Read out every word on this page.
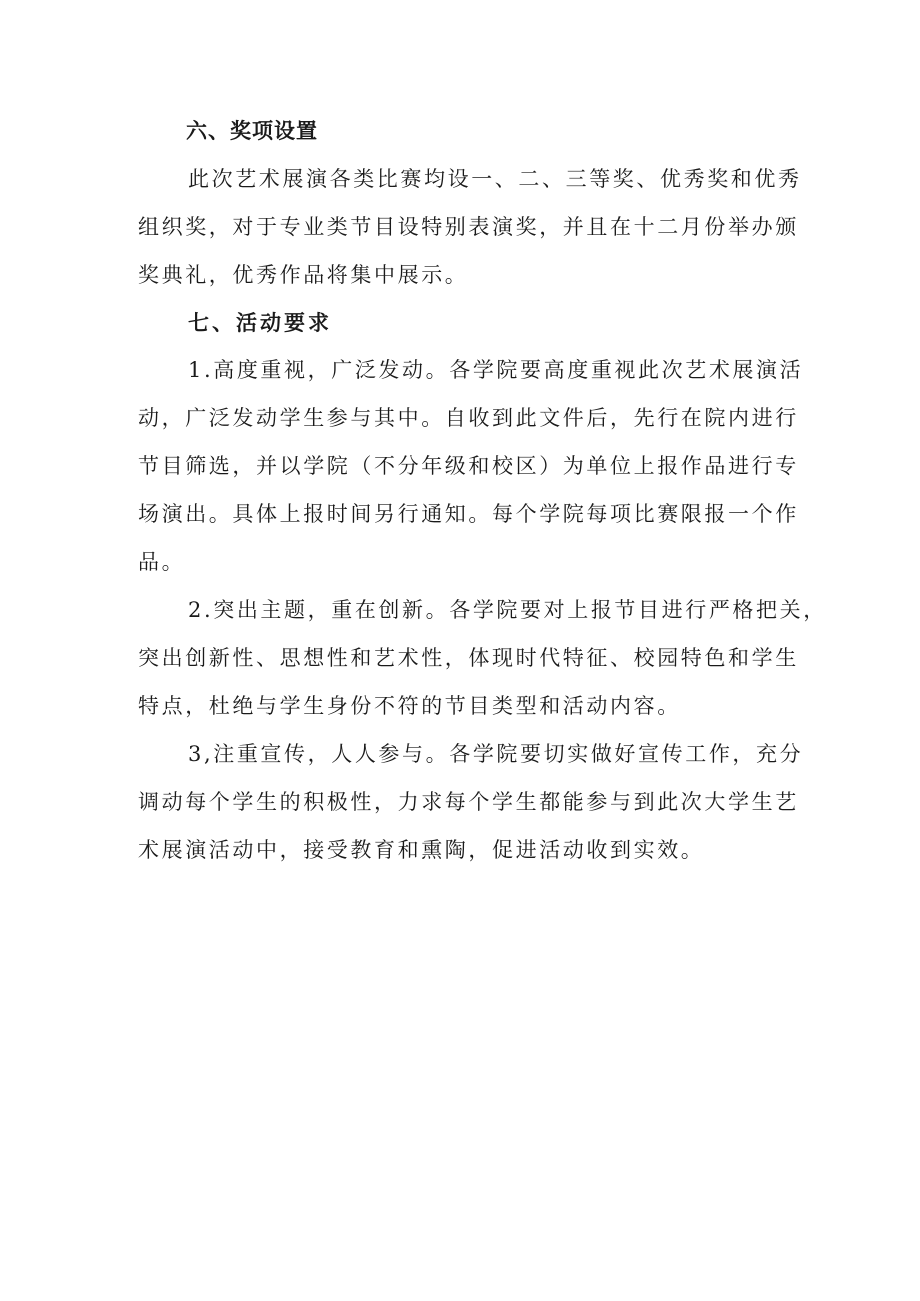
六、奖项设置

此次艺术展演各类比赛均设一、二、三等奖、优秀奖和优秀
组织奖，对于专业类节目设特别表演奖，并且在十二月份举办颁
奖典礼，优秀作品将集中展示。

七、活动要求

1.高度重视，广泛发动。各学院要高度重视此次艺术展演活
动，广泛发动学生参与其中。自收到此文件后，先行在院内进行
节目筛选，并以学院（不分年级和校区）为单位上报作品进行专
场演出。具体上报时间另行通知。每个学院每项比赛限报一个作
品。

2.突出主题，重在创新。各学院要对上报节目进行严格把关，
突出创新性、思想性和艺术性，体现时代特征、校园特色和学生
特点，杜绝与学生身份不符的节目类型和活动内容。

3,注重宣传，人人参与。各学院要切实做好宣传工作，充分
调动每个学生的积极性，力求每个学生都能参与到此次大学生艺
术展演活动中，接受教育和熏陶，促进活动收到实效。
